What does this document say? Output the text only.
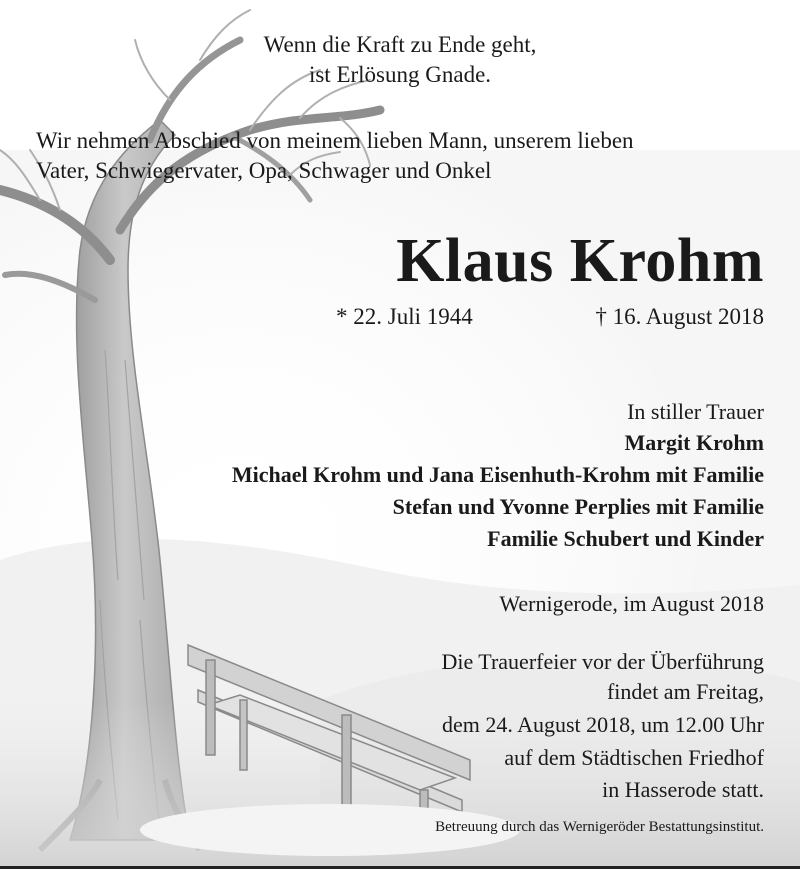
Wenn die Kraft zu Ende geht,
ist Erlösung Gnade.
Wir nehmen Abschied von meinem lieben Mann, unserem lieben
Vater, Schwiegervater, Opa, Schwager und Onkel
Klaus Krohm
* 22. Juli 1944	† 16. August 2018
In stiller Trauer
Margit Krohm
Michael Krohm und Jana Eisenhuth-Krohm mit Familie
Stefan und Yvonne Perplies mit Familie
Familie Schubert und Kinder
Wernigerode, im August 2018
Die Trauerfeier vor der Überführung
findet am Freitag,
dem 24. August 2018, um 12.00 Uhr
auf dem Städtischen Friedhof
in Hasserode statt.
Betreuung durch das Wernigeröder Bestattungsinstitut.
